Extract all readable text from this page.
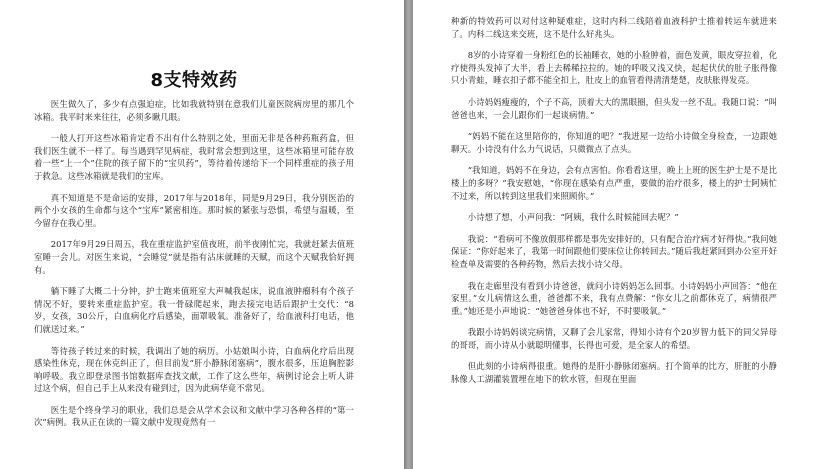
8支特效药

医生做久了，多少有点强迫症，比如我就特别在意我们儿童医院病房里的那几个冰箱。我平时来来往往，必须多瞅几眼。

一般人打开这些冰箱肯定看不出有什么特别之处，里面无非是各种药瓶药盒，但我们医生就不一样了。每当遇到罕见病症，我时常会想到这里，这些冰箱里可能存放着一些“上一个”住院的孩子留下的“宝贝药”，等待着传递给下一个同样重症的孩子用于救急。这些冰箱就是我们的宝库。

真不知道是不是命运的安排，2017年与2018年，同是9月29日，我分别医治的两个小女孩的生命都与这个“宝库”紧密相连。那时候的紧张与恐惧，希望与温暖，至今留存在我心里。

2017年9月29日周五，我在重症监护室值夜班，前半夜刚忙完，我就赶紧去值班室睡一会儿。对医生来说，“会睡觉”就是指有沾床就睡的天赋，而这个天赋我恰好拥有。

躺下睡了大概二十分钟，护士跑来值班室大声喊我起床，说血液肿瘤科有个孩子情况不好，要转来重症监护室。我一骨碌爬起来，跑去接完电话后跟护士交代：“8岁，女孩，30公斤，白血病化疗后感染，面罩吸氧。准备好了，给血液科打电话，他们就送过来。”

等待孩子转过来的时候，我调出了她的病历。小姑娘叫小诗，白血病化疗后出现感染性休克，现在休克纠正了，但目前发“肝小静脉闭塞病”，腹水很多，压迫胸腔影响呼吸。我立即登录图书馆数据库查找文献，工作了这么些年，病例讨论会上听人讲过这个病，但自己手上从来没有碰到过，因为此病华竟不常见。

医生是个终身学习的职业，我们总是会从学术会议和文献中学习各种各样的“第一次”病例。我从正在读的一篇文献中发现竟然有一

种新的特效药可以对付这种疑难症，这时内科二线陪着血液科护士推着转运车就进来了。内科二线这来交班，这不是什么好兆头。

8岁的小诗穿着一身粉红色的长袖睡衣，她的小脸肿着，面色发黄，眼皮穿拉着，化疗使得头发掉了大半，看上去稀稀拉拉的。她的呼吸又浅又快，起起伏伏的肚子胀得像只小青蛙，睡衣扣子都不能全扣上，肚皮上的血管看得清清楚楚，皮肤胀得发亮。

小诗妈妈瘦瘦的，个子不高，顶着大大的黑眼圈，但头发一丝不乱。我随口说：“叫爸爸也来，一会儿跟你们一起谈病情。”

“妈妈不能在这里陪你的，你知道的吧？”我进屋一边给小诗做全身检查，一边跟她聊天。小诗没有什么力气说话，只微微点了点头。

“我知道，妈妈不在身边，会有点害怕。你看看这里，晚上上班的医生护士是不是比楼上的多呀？”我安慰她，“你现在感染有点严重，要做的治疗很多，楼上的护士阿姨忙不过来，所以转到这里我们来照顾你。”

小诗想了想，小声问我：“阿姨，我什么时候能回去呢？”

我说：“看病可不像放假那样都是事先安排好的，只有配合治疗病才好得快。”我问她保证：“你好起来了，我第一时间跟他们要床位让你转回去。”随后我赶紧回到办公室开好检查单及需要的各种药物，然后去找小诗父母。

我在走廊里没有看到小诗爸爸，就问小诗妈妈怎么回事。小诗妈妈小声回答：“他在家里。”女儿病情这么重，爸爸都不来，我有点费解：“你女儿之前都休克了，病情很严重。”她还是小声地说：“她爸爸身体也不好，不时要吸氧。”

我跟小诗妈妈谈完病情，又聊了会儿家常，得知小诗有个20岁智力低下的同父异母的哥哥，而小诗从小就聪明懂事，长得也可爱，是全家人的希望。

但此刻的小诗病得很重。她得的是肝小静脉闭塞病。打个简单的比方，肝脏的小静脉像人工湖灌装置埋在地下的软水管，但现在里面
